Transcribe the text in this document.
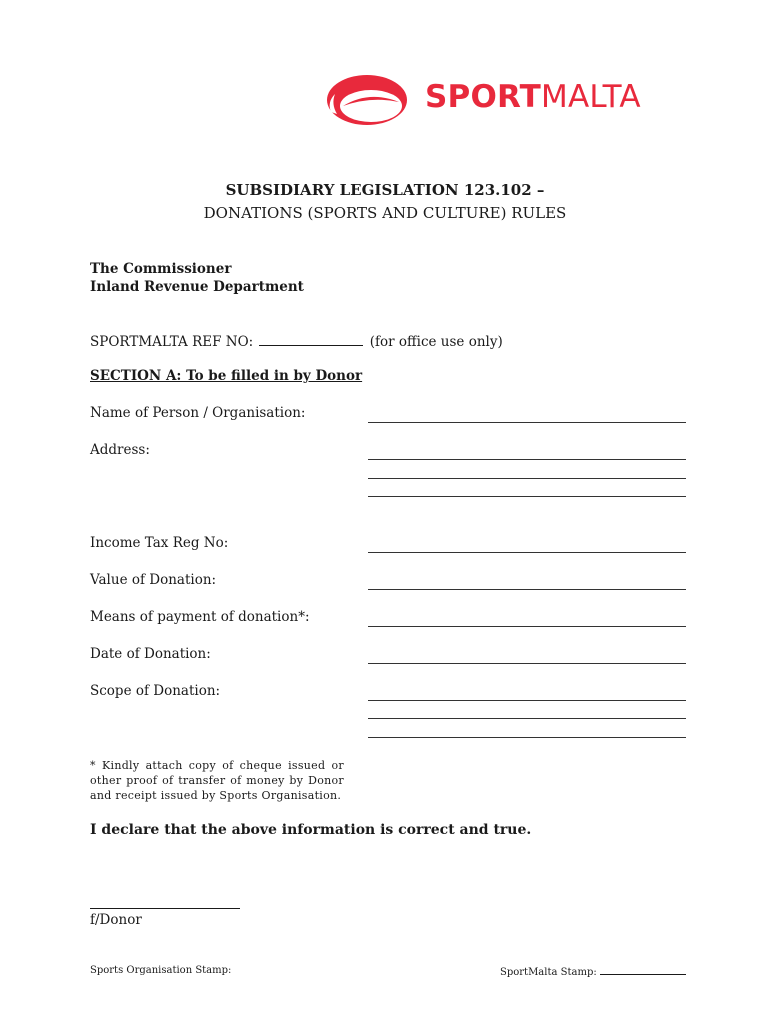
SPORTMALTA
SUBSIDIARY LEGISLATION 123.102 –
DONATIONS (SPORTS AND CULTURE) RULES
The Commissioner
Inland Revenue Department
SPORTMALTA REF NO:	(for office use only)
SECTION A: To be filled in by Donor
Name of Person / Organisation:
Address:
Income Tax Reg No:
Value of Donation:
Means of payment of donation*:
Date of Donation:
Scope of Donation:
* Kindly attach copy of cheque issued or other proof of transfer of money by Donor and receipt issued by Sports Organisation.
I declare that the above information is correct and true.
f/Donor
Sports Organisation Stamp:	SportMalta Stamp:
